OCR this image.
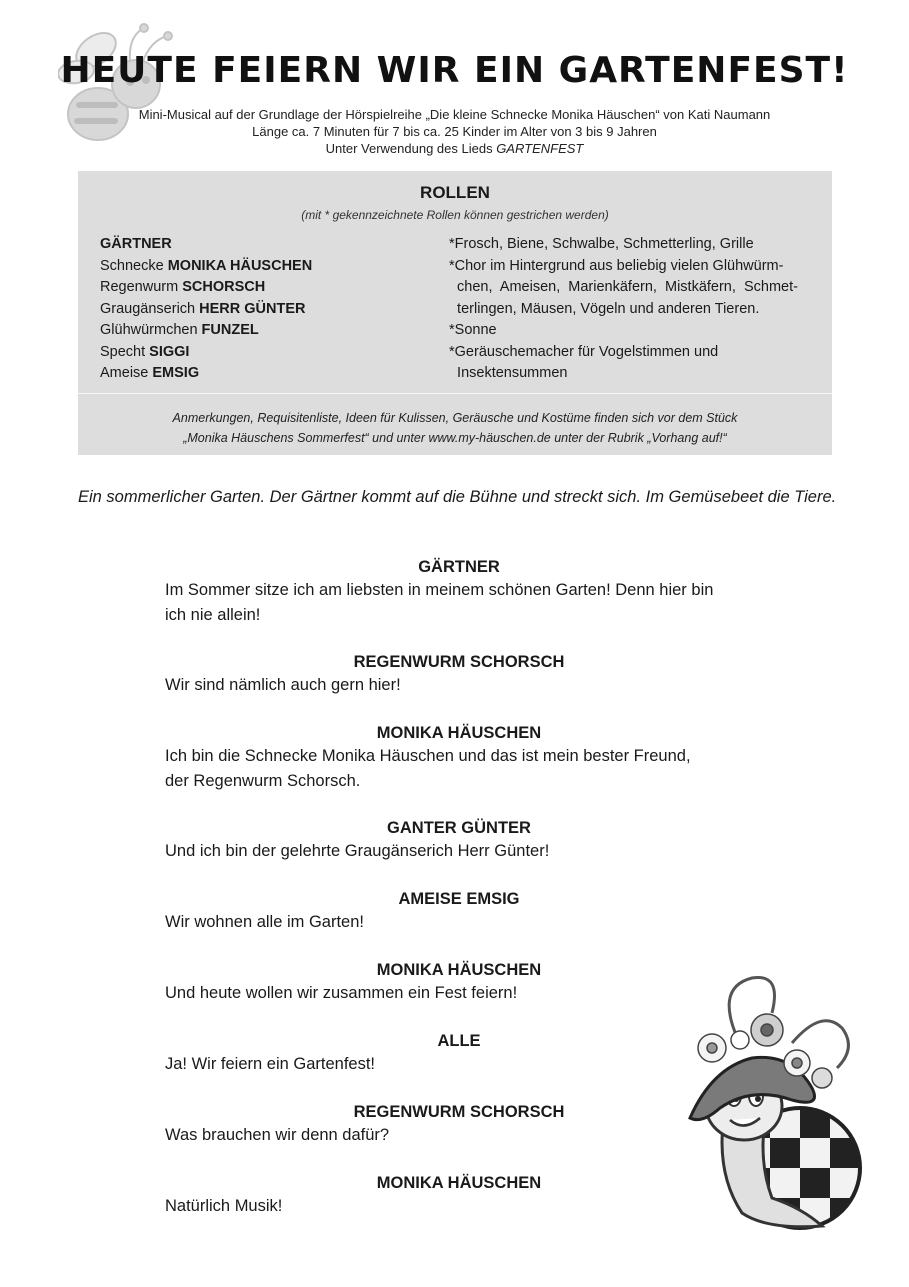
HEUTE FEIERN WIR EIN GARTENFEST!
Mini-Musical auf der Grundlage der Hörspielreihe „Die kleine Schnecke Monika Häuschen“ von Kati Naumann
Länge ca. 7 Minuten für 7 bis ca. 25 Kinder im Alter von 3 bis 9 Jahren
Unter Verwendung des Lieds GARTENFEST
ROLLEN
(mit * gekennzeichnete Rollen können gestrichen werden)
GÄRTNER
Schnecke MONIKA HÄUSCHEN
Regenwurm SCHORSCH
Graugänserich HERR GÜNTER
Glühwürmchen FUNZEL
Specht SIGGI
Ameise EMSIG
*Frosch, Biene, Schwalbe, Schmetterling, Grille
*Chor im Hintergrund aus beliebig vielen Glühwürm-
chen,  Ameisen,  Marienkäfern,  Mistkäfern,  Schmet-
terlingen, Mäusen, Vögeln und anderen Tieren.
*Sonne
*Geräuschemacher für Vogelstimmen und
Insektensummen
Anmerkungen, Requisitenliste, Ideen für Kulissen, Geräusche und Kostüme finden sich vor dem Stück
„Monika Häuschens Sommerfest“ und unter www.my-häuschen.de unter der Rubrik „Vorhang auf!“
Ein sommerlicher Garten. Der Gärtner kommt auf die Bühne und streckt sich. Im Gemüsebeet die Tiere.
GÄRTNER
Im Sommer sitze ich am liebsten in meinem schönen Garten! Denn hier bin
ich nie allein!
REGENWURM SCHORSCH
Wir sind nämlich auch gern hier!
MONIKA HÄUSCHEN
Ich bin die Schnecke Monika Häuschen und das ist mein bester Freund,
der Regenwurm Schorsch.
GANTER GÜNTER
Und ich bin der gelehrte Graugänserich Herr Günter!
AMEISE EMSIG
Wir wohnen alle im Garten!
MONIKA HÄUSCHEN
Und heute wollen wir zusammen ein Fest feiern!
ALLE
Ja! Wir feiern ein Gartenfest!
REGENWURM SCHORSCH
Was brauchen wir denn dafür?
MONIKA HÄUSCHEN
Natürlich Musik!
